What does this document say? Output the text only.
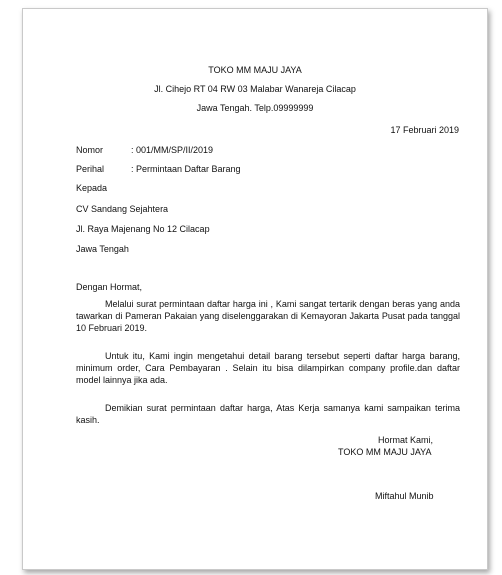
TOKO MM MAJU JAYA
Jl. Cihejo RT 04 RW 03 Malabar Wanareja Cilacap
Jawa Tengah. Telp.09999999
17 Februari 2019
Nomor	: 001/MM/SP/II/2019
Perihal	: Permintaan Daftar Barang
Kepada
CV Sandang Sejahtera
Jl. Raya Majenang No 12 Cilacap
Jawa Tengah
Dengan Hormat,
Melalui surat permintaan daftar harga ini , Kami sangat tertarik dengan beras yang anda tawarkan di Pameran Pakaian yang diselenggarakan di Kemayoran Jakarta Pusat pada tanggal 10 Februari 2019.
Untuk itu, Kami ingin mengetahui detail barang tersebut seperti daftar harga barang, minimum order, Cara Pembayaran . Selain itu bisa dilampirkan company profile.dan daftar model lainnya jika ada.
Demikian surat permintaan daftar harga, Atas Kerja samanya kami sampaikan terima kasih.
Hormat Kami,
TOKO MM MAJU JAYA
Miftahul Munib
